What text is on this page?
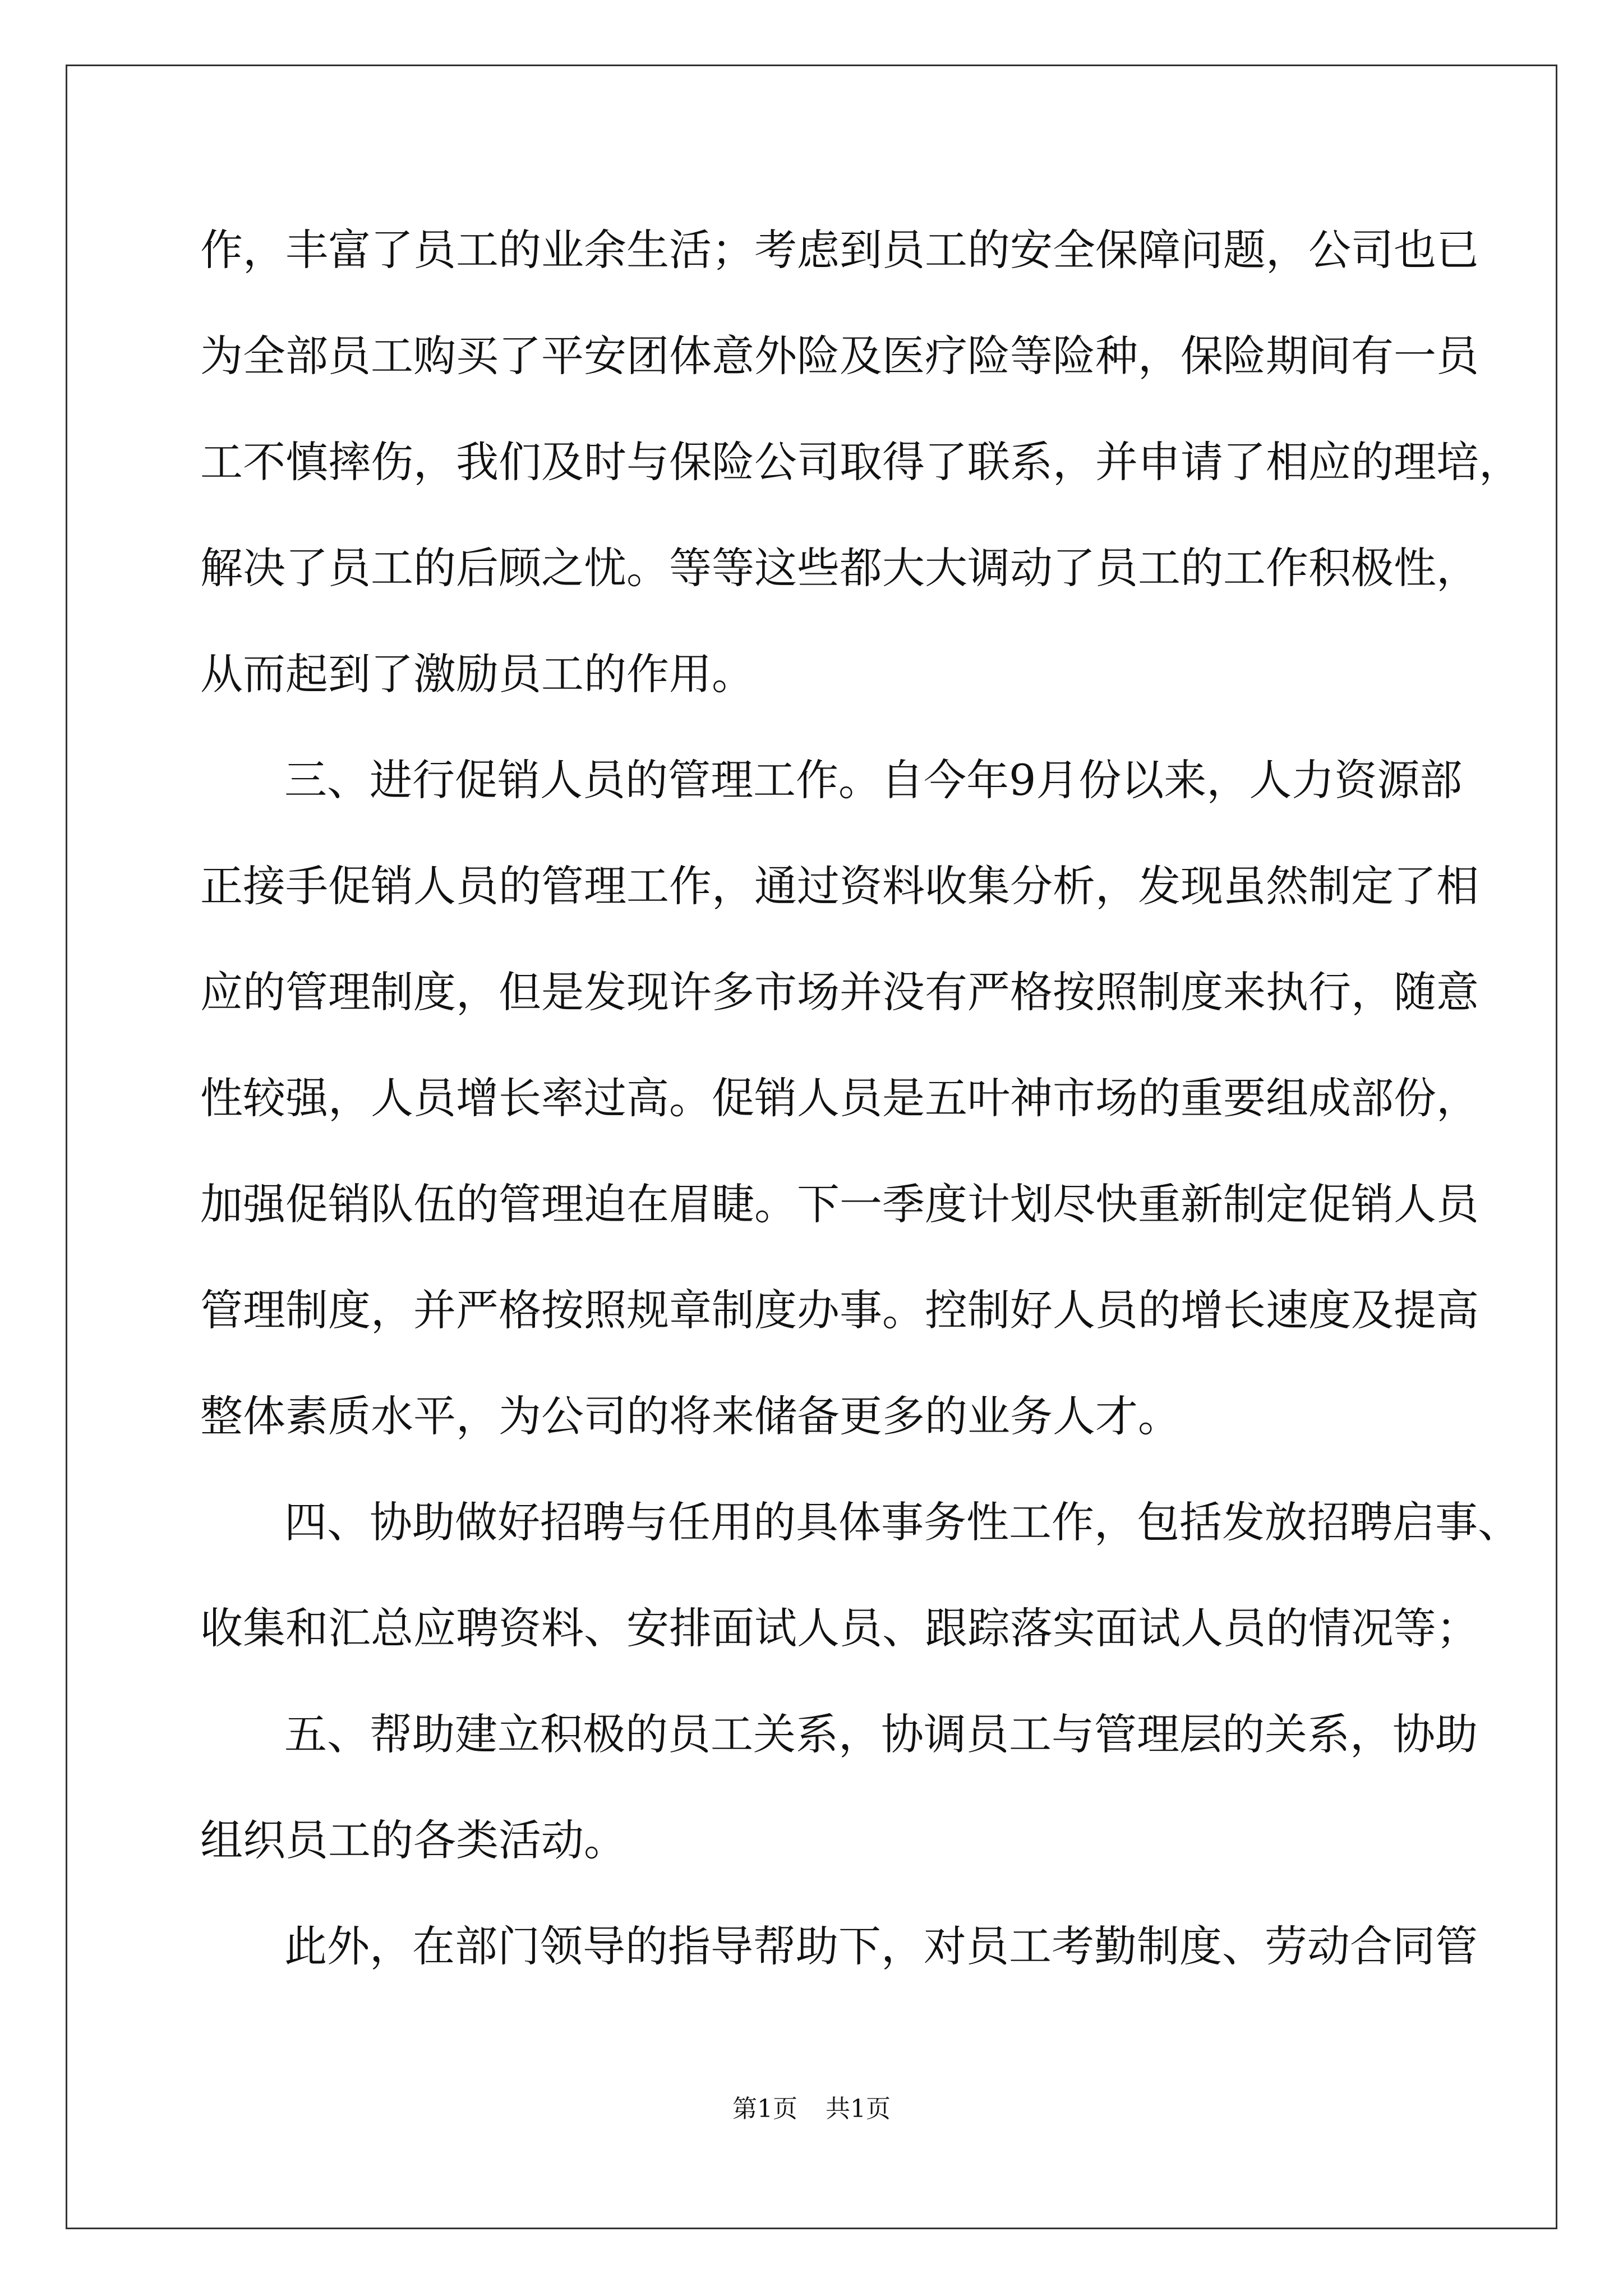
作，丰富了员工的业余生活；考虑到员工的安全保障问题，公司也已

为全部员工购买了平安团体意外险及医疗险等险种，保险期间有一员

工不慎摔伤，我们及时与保险公司取得了联系，并申请了相应的理培，

解决了员工的后顾之忧。等等这些都大大调动了员工的工作积极性，

从而起到了激励员工的作用。

三、进行促销人员的管理工作。自今年9月份以来，人力资源部

正接手促销人员的管理工作，通过资料收集分析，发现虽然制定了相

应的管理制度，但是发现许多市场并没有严格按照制度来执行，随意

性较强，人员增长率过高。促销人员是五叶神市场的重要组成部份，

加强促销队伍的管理迫在眉睫。下一季度计划尽快重新制定促销人员

管理制度，并严格按照规章制度办事。控制好人员的增长速度及提高

整体素质水平，为公司的将来储备更多的业务人才。

四、协助做好招聘与任用的具体事务性工作，包括发放招聘启事、

收集和汇总应聘资料、安排面试人员、跟踪落实面试人员的情况等；

五、帮助建立积极的员工关系，协调员工与管理层的关系，协助

组织员工的各类活动。

此外，在部门领导的指导帮助下，对员工考勤制度、劳动合同管

第1页 共1页
